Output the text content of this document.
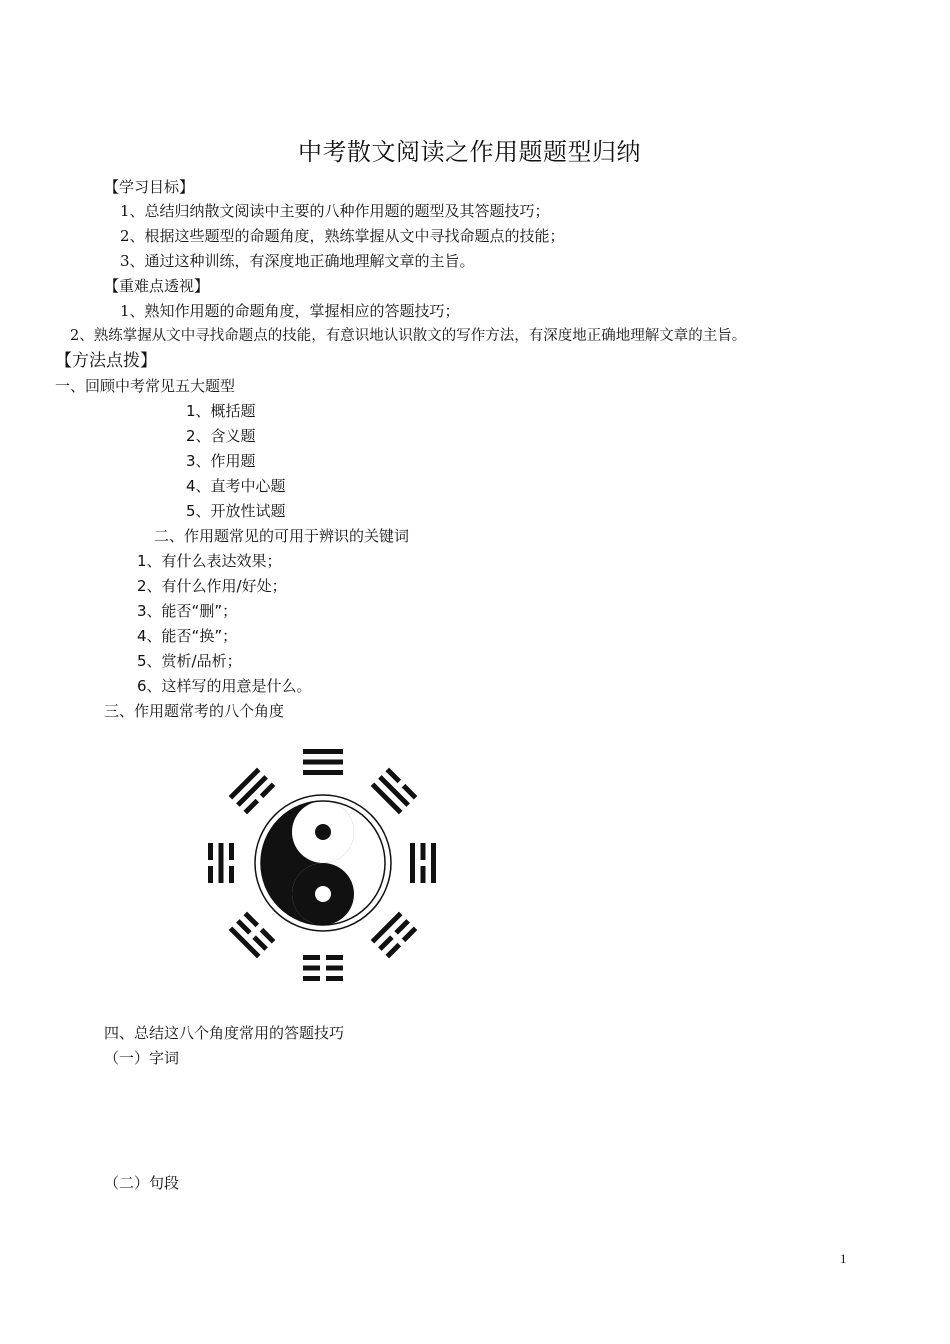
中考散文阅读之作用题题型归纳
【学习目标】
1、总结归纳散文阅读中主要的八种作用题的题型及其答题技巧；
2、根据这些题型的命题角度，熟练掌握从文中寻找命题点的技能；
3、通过这种训练，有深度地正确地理解文章的主旨。
【重难点透视】
1、熟知作用题的命题角度，掌握相应的答题技巧；
2、熟练掌握从文中寻找命题点的技能，有意识地认识散文的写作方法，有深度地正确地理解文章的主旨。
【方法点拨】
一、回顾中考常见五大题型
1、概括题
2、含义题
3、作用题
4、直考中心题
5、开放性试题
二、作用题常见的可用于辨识的关键词
1、有什么表达效果；
2、有什么作用/好处；
3、能否“删”；
4、能否“换”；
5、赏析/品析；
6、这样写的用意是什么。
三、作用题常考的八个角度
四、总结这八个角度常用的答题技巧
（一）字词
（二）句段
1
